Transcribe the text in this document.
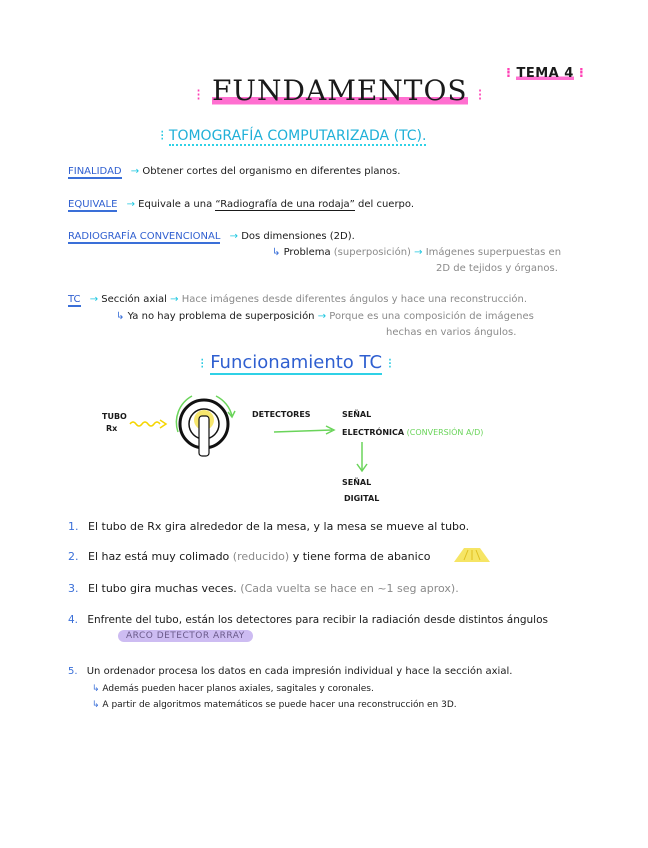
⁝ TEMA 4 ⁝
⁝ FUNDAMENTOS ⁝
⁝ TOMOGRAFÍA COMPUTARIZADA (TC).
FINALIDAD → Obtener cortes del organismo en diferentes planos.
EQUIVALE → Equivale a una “Radiografía de una rodaja” del cuerpo.
RADIOGRAFÍA CONVENCIONAL → Dos dimensiones (2D).
↳ Problema (superposición) → Imágenes superpuestas en
2D de tejidos y órganos.
TC → Sección axial → Hace imágenes desde diferentes ángulos y hace una reconstrucción.
↳ Ya no hay problema de superposición → Porque es una composición de imágenes
hechas en varios ángulos.
⁝ Funcionamiento TC ⁝
TUBO
Rx
DETECTORES	SEÑAL
ELECTRÓNICA (CONVERSIÓN A/D)
SEÑAL
DIGITAL
1. El tubo de Rx gira alrededor de la mesa, y la mesa se mueve al tubo.
2. El haz está muy colimado (reducido) y tiene forma de abanico
3. El tubo gira muchas veces. (Cada vuelta se hace en ~1 seg aprox).
4. Enfrente del tubo, están los detectores para recibir la radiación desde distintos ángulos
ARCO DETECTOR ARRAY
5. Un ordenador procesa los datos en cada impresión individual y hace la sección axial.
↳ Además pueden hacer planos axiales, sagitales y coronales.
↳ A partir de algoritmos matemáticos se puede hacer una reconstrucción en 3D.
